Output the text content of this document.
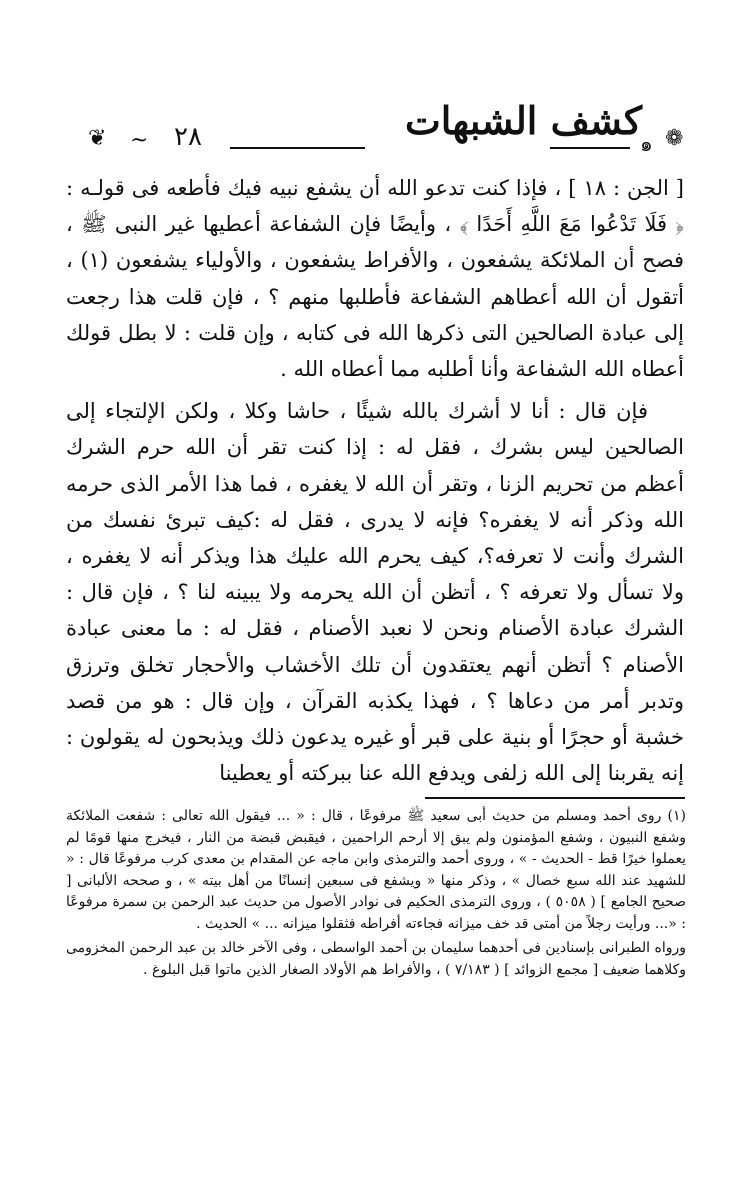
❦ ~ ٢٨	كشف الشبهات
๑ ❁

[ الجن : ١٨ ] ، فإذا كنت تدعو الله أن يشفع نبيه فيك فأطعه فى قولـه : ﴿ فَلَا تَدْعُوا مَعَ اللَّهِ أَحَدًا ﴾ ، وأيضًا فإن الشفاعة أعطيها غير النبى ﷺ ، فصح أن الملائكة يشفعون ، والأفراط يشفعون ، والأولياء يشفعون (١) ، أتقول أن الله أعطاهم الشفاعة فأطلبها منهم ؟ ، فإن قلت هذا رجعت إلى عبادة الصالحين التى ذكرها الله فى كتابه ، وإن قلت : لا بطل قولك أعطاه الله الشفاعة وأنا أطلبه مما أعطاه الله .

فإن قال : أنا لا أشرك بالله شيئًا ، حاشا وكلا ، ولكن الإلتجاء إلى الصالحين ليس بشرك ، فقل له : إذا كنت تقر أن الله حرم الشرك أعظم من تحريم الزنا ، وتقر أن الله لا يغفره ، فما هذا الأمر الذى حرمه الله وذكر أنه لا يغفره؟ فإنه لا يدرى ، فقل له :كيف تبرئ نفسك من الشرك وأنت لا تعرفه؟، كيف يحرم الله عليك هذا ويذكر أنه لا يغفره ، ولا تسأل ولا تعرفه ؟ ، أتظن أن الله يحرمه ولا يبينه لنا ؟ ، فإن قال : الشرك عبادة الأصنام ونحن لا نعبد الأصنام ، فقل له : ما معنى عبادة الأصنام ؟ أتظن أنهم يعتقدون أن تلك الأخشاب والأحجار تخلق وترزق وتدبر أمر من دعاها ؟ ، فهذا يكذبه القرآن ، وإن قال : هو من قصد خشبة أو حجرًا أو بنية على قبر أو غيره يدعون ذلك ويذبحون له يقولون : إنه يقربنا إلى الله زلفى ويدفع الله عنا ببركته أو يعطينا

(١) روى أحمد ومسلم من حديث أبى سعيد ﷺ مرفوعًا ، قال : « ... فيقول الله تعالى : شفعت الملائكة وشفع النبيون ، وشفع المؤمنون ولم يبق إلا أرحم الراحمين ، فيقبض قبضة من النار ، فيخرج منها قومًا لم يعملوا خيرًا قط - الحديث - » ، وروى أحمد والترمذى وابن ماجه عن المقدام بن معدى كرب مرفوعًا قال : « للشهيد عند الله سبع خصال » ، وذكر منها « ويشفع فى سبعين إنسانًا من أهل بيته » ، و صححه الألبانى [ صحيح الجامع ] ( ٥٠٥٨ ) ، وروى الترمذى الحكيم فى نوادر الأصول من حديث عبد الرحمن بن سمرة مرفوعًا : «... ورأيت رجلاً من أمتى قد خف ميزانه فجاءته أفراطه فثقلوا ميزانه ... » الحديث .

ورواه الطبرانى بإسنادين فى أحدهما سليمان بن أحمد الواسطى ، وفى الآخر خالد بن عبد الرحمن المخزومى وكلاهما ضعيف [ مجمع الزوائد ] ( ٧/١٨٣ ) ، والأفراط هم الأولاد الصغار الذين ماتوا قبل البلوغ .
